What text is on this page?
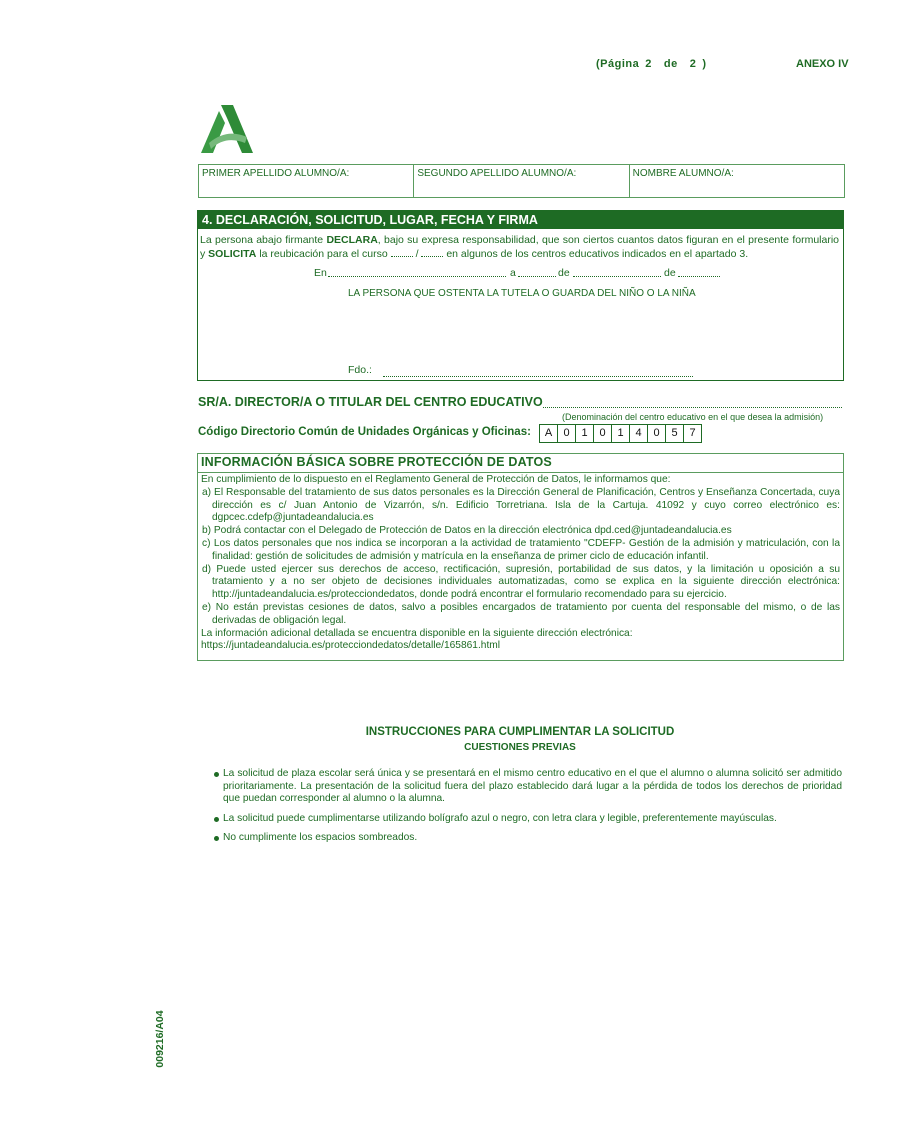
(Página 2 de 2 )	ANEXO IV
PRIMER APELLIDO ALUMNO/A:	SEGUNDO APELLIDO ALUMNO/A:	NOMBRE ALUMNO/A:
4. DECLARACIÓN, SOLICITUD, LUGAR, FECHA Y FIRMA
La persona abajo firmante DECLARA, bajo su expresa responsabilidad, que son ciertos cuantos datos figuran en el presente formulario y SOLICITA la reubicación para el curso  /  en algunos de los centros educativos indicados en el apartado 3.
En	a	de	de
LA PERSONA QUE OSTENTA LA TUTELA O GUARDA DEL NIÑO O LA NIÑA
Fdo.:
SR/A. DIRECTOR/A O TITULAR DEL CENTRO EDUCATIVO
(Denominación del centro educativo en el que desea la admisión)
Código Directorio Común de Unidades Orgánicas y Oficinas:	A	0	1	0	1	4	0	5	7
INFORMACIÓN BÁSICA SOBRE PROTECCIÓN DE DATOS

En cumplimiento de lo dispuesto en el Reglamento General de Protección de Datos, le informamos que:

a) El Responsable del tratamiento de sus datos personales es la Dirección General de Planificación, Centros y Enseñanza Concertada, cuya dirección es c/ Juan Antonio de Vizarrón, s/n. Edificio Torretriana. Isla de la Cartuja. 41092 y cuyo correo electrónico es: dgpcec.cdefp@juntadeandalucia.es

b) Podrá contactar con el Delegado de Protección de Datos en la dirección electrónica dpd.ced@juntadeandalucia.es

c) Los datos personales que nos indica se incorporan a la actividad de tratamiento "CDEFP- Gestión de la admisión y matriculación, con la finalidad: gestión de solicitudes de admisión y matrícula en la enseñanza de primer ciclo de educación infantil.

d) Puede usted ejercer sus derechos de acceso, rectificación, supresión, portabilidad de sus datos, y la limitación u oposición a su tratamiento y a no ser objeto de decisiones individuales automatizadas, como se explica en la siguiente dirección electrónica: http://juntadeandalucia.es/protecciondedatos, donde podrá encontrar el formulario recomendado para su ejercicio.

e) No están previstas cesiones de datos, salvo a posibles encargados de tratamiento por cuenta del responsable del mismo, o de las derivadas de obligación legal.

La información adicional detallada se encuentra disponible en la siguiente dirección electrónica:

https://juntadeandalucia.es/protecciondedatos/detalle/165861.html

INSTRUCCIONES PARA CUMPLIMENTAR LA SOLICITUD
CUESTIONES PREVIAS
La solicitud de plaza escolar será única y se presentará en el mismo centro educativo en el que el alumno o alumna solicitó ser admitido prioritariamente. La presentación de la solicitud fuera del plazo establecido dará lugar a la pérdida de todos los derechos de prioridad que puedan corresponder al alumno o la alumna.
La solicitud puede cumplimentarse utilizando bolígrafo azul o negro, con letra clara y legible, preferentemente mayúsculas.
No cumplimente los espacios sombreados.
009216/A04
